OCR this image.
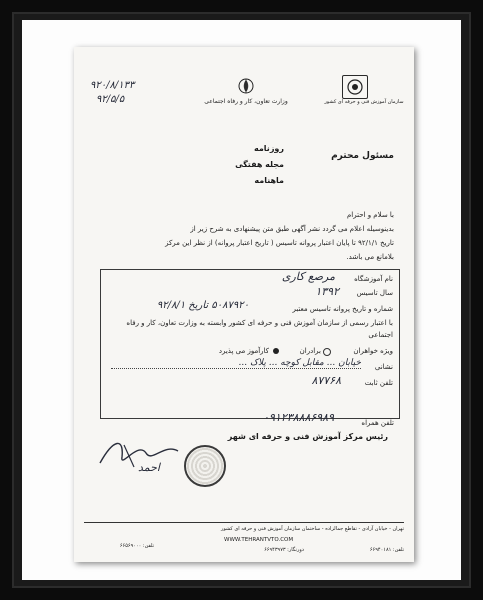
۹۲۰/۸/۱۳۳
۹۲/۵/۵	وزارت تعاون، کار و رفاه اجتماعی	سازمان آموزش فنی و حرفه ای کشور
مسئول محترم
روزنامه
مجله هفتگی
ماهنامه
با سلام و احترام
بدینوسیله اعلام می گردد نشر آگهی طبق متن پیشنهادی به شرح زیر از
تاریخ ۹۲/۱/۱ تا پایان اعتبار پروانه تاسیس ( تاریخ اعتبار پروانه) از نظر این مرکز
بلامانع می باشد.
نام آموزشگاه
مرصع کاری
سال تاسیس
۱۳۹۲
شماره و تاریخ پروانه تاسیس معتبر
۵۰۸۷۹۲۰ تاریخ ۹۲/۸/۱
با اعتبار رسمی از سازمان آموزش فنی و حرفه ای کشور وابسته به وزارت تعاون، کار و رفاه
اجتماعی
ویژه خواهران
برادران
کارآموز می پذیرد
نشانی
خیابان ... مقابل کوچه ... پلاک ...
تلفن ثابت
۸۷۷۶۸
تلفن همراه
۰۹۱۲۳۸۸۸۶۹۸۹
رئیس مرکز آموزش فنی و حرفه ای شهر
احمد
تهران - خیابان آزادی - تقاطع جمالزاده - ساختمان سازمان آموزش فنی و حرفه ای کشور
WWW.TEHRANTVTO.COM
تلفن: ۶۶۵۶۹۰۰۰
دورنگار: ۶۶۹۴۳۹۷۳	تلفن: ۶۶۹۴۰۱۸۱
